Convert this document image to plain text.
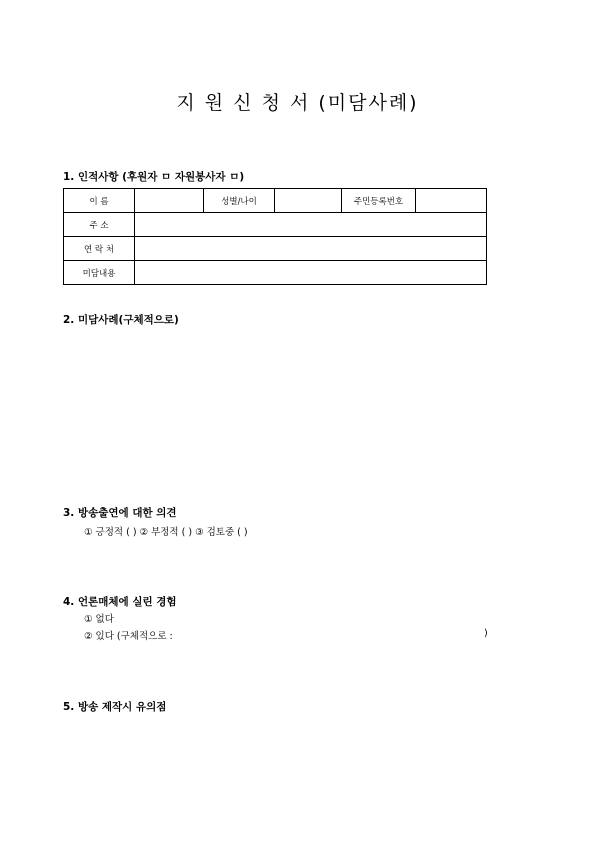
지 원 신 청 서 (미담사례)
1. 인적사항 (후원자 ㅁ 자원봉사자 ㅁ)
이 름		성별/나이		주민등록번호	
주 소					
연 락 처					
미담내용					
2. 미담사례(구체적으로)
3. 방송출연에 대한 의견
① 긍정적 ( ) ② 부정적 ( ) ③ 검토중 ( )
4. 언론매체에 실린 경험
① 없다
② 있다 (구체적으로 :	)
5. 방송 제작시 유의점
